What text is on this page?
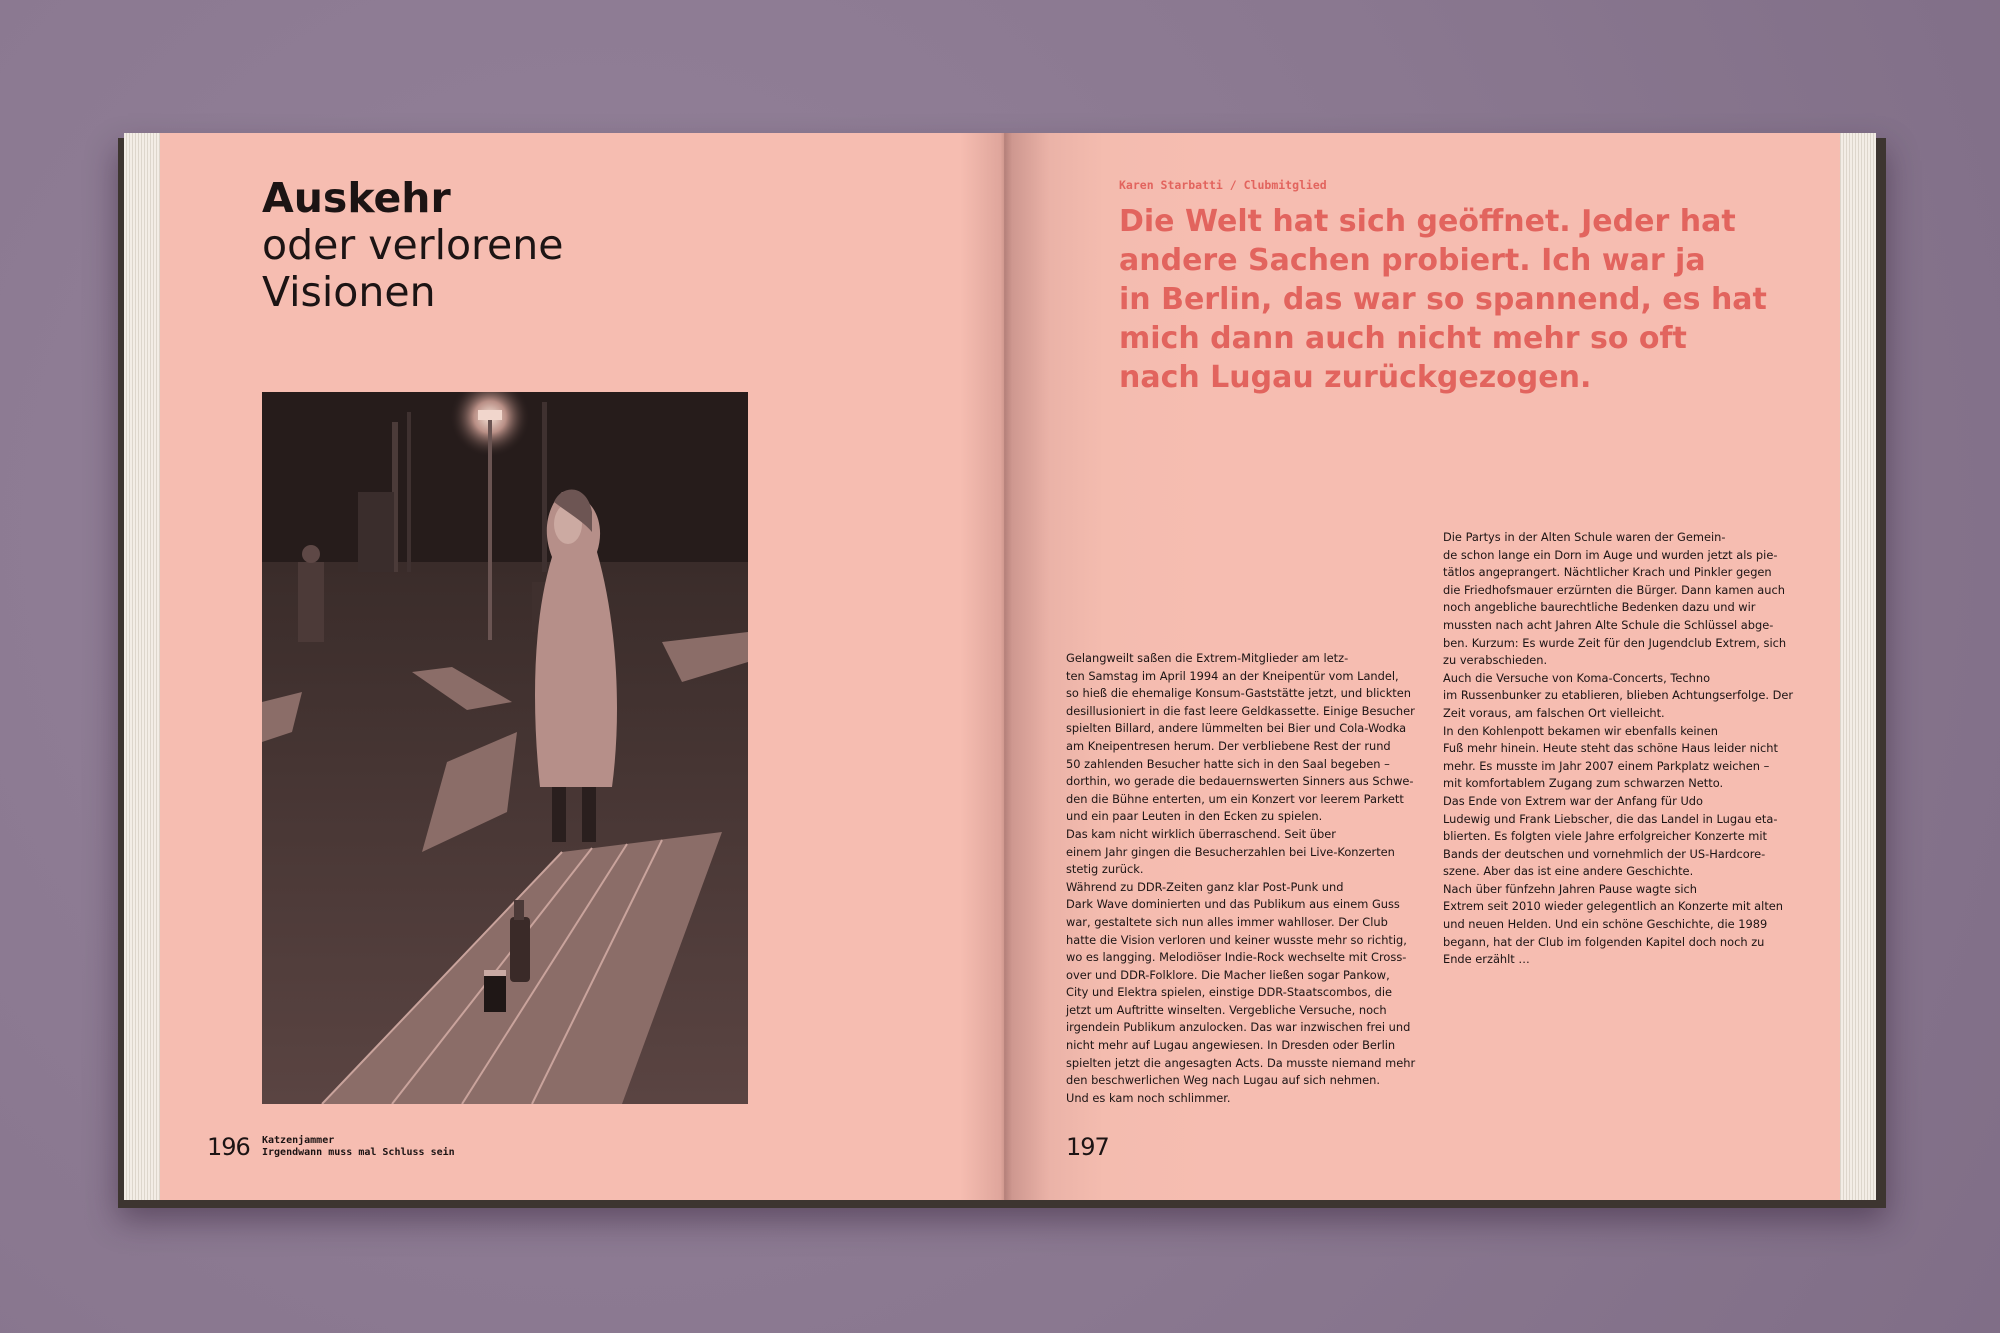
Auskehr
oder verlorene
Visionen
196 Katzenjammer
Irgendwann muss mal Schluss sein
Karen Starbatti / Clubmitglied
Die Welt hat sich geöffnet. Jeder hat
andere Sachen probiert. Ich war ja
in Berlin, das war so spannend, es hat
mich dann auch nicht mehr so oft
nach Lugau zurückgezogen.
Gelangweilt saßen die Extrem-Mitglieder am letz-
ten Samstag im April 1994 an der Kneipentür vom Landel,
so hieß die ehemalige Konsum-Gaststätte jetzt, und blickten
desillusioniert in die fast leere Geldkassette. Einige Besucher
spielten Billard, andere lümmelten bei Bier und Cola-Wodka
am Kneipentresen herum. Der verbliebene Rest der rund
50 zahlenden Besucher hatte sich in den Saal begeben –
dorthin, wo gerade die bedauernswerten Sinners aus Schwe-
den die Bühne enterten, um ein Konzert vor leerem Parkett
und ein paar Leuten in den Ecken zu spielen.
Das kam nicht wirklich überraschend. Seit über
einem Jahr gingen die Besucherzahlen bei Live-Konzerten
stetig zurück.
Während zu DDR-Zeiten ganz klar Post-Punk und
Dark Wave dominierten und das Publikum aus einem Guss
war, gestaltete sich nun alles immer wahlloser. Der Club
hatte die Vision verloren und keiner wusste mehr so richtig,
wo es langging. Melodiöser Indie-Rock wechselte mit Cross-
over und DDR-Folklore. Die Macher ließen sogar Pankow,
City und Elektra spielen, einstige DDR-Staatscombos, die
jetzt um Auftritte winselten. Vergebliche Versuche, noch
irgendein Publikum anzulocken. Das war inzwischen frei und
nicht mehr auf Lugau angewiesen. In Dresden oder Berlin
spielten jetzt die angesagten Acts. Da musste niemand mehr
den beschwerlichen Weg nach Lugau auf sich nehmen.
Und es kam noch schlimmer.
Die Partys in der Alten Schule waren der Gemein-
de schon lange ein Dorn im Auge und wurden jetzt als pie-
tätlos angeprangert. Nächtlicher Krach und Pinkler gegen
die Friedhofsmauer erzürnten die Bürger. Dann kamen auch
noch angebliche baurechtliche Bedenken dazu und wir
mussten nach acht Jahren Alte Schule die Schlüssel abge-
ben. Kurzum: Es wurde Zeit für den Jugendclub Extrem, sich
zu verabschieden.
Auch die Versuche von Koma-Concerts, Techno
im Russenbunker zu etablieren, blieben Achtungserfolge. Der
Zeit voraus, am falschen Ort vielleicht.
In den Kohlenpott bekamen wir ebenfalls keinen
Fuß mehr hinein. Heute steht das schöne Haus leider nicht
mehr. Es musste im Jahr 2007 einem Parkplatz weichen –
mit komfortablem Zugang zum schwarzen Netto.
Das Ende von Extrem war der Anfang für Udo
Ludewig und Frank Liebscher, die das Landel in Lugau eta-
blierten. Es folgten viele Jahre erfolgreicher Konzerte mit
Bands der deutschen und vornehmlich der US-Hardcore-
szene. Aber das ist eine andere Geschichte.
Nach über fünfzehn Jahren Pause wagte sich
Extrem seit 2010 wieder gelegentlich an Konzerte mit alten
und neuen Helden. Und ein schöne Geschichte, die 1989
begann, hat der Club im folgenden Kapitel doch noch zu
Ende erzählt …
197
